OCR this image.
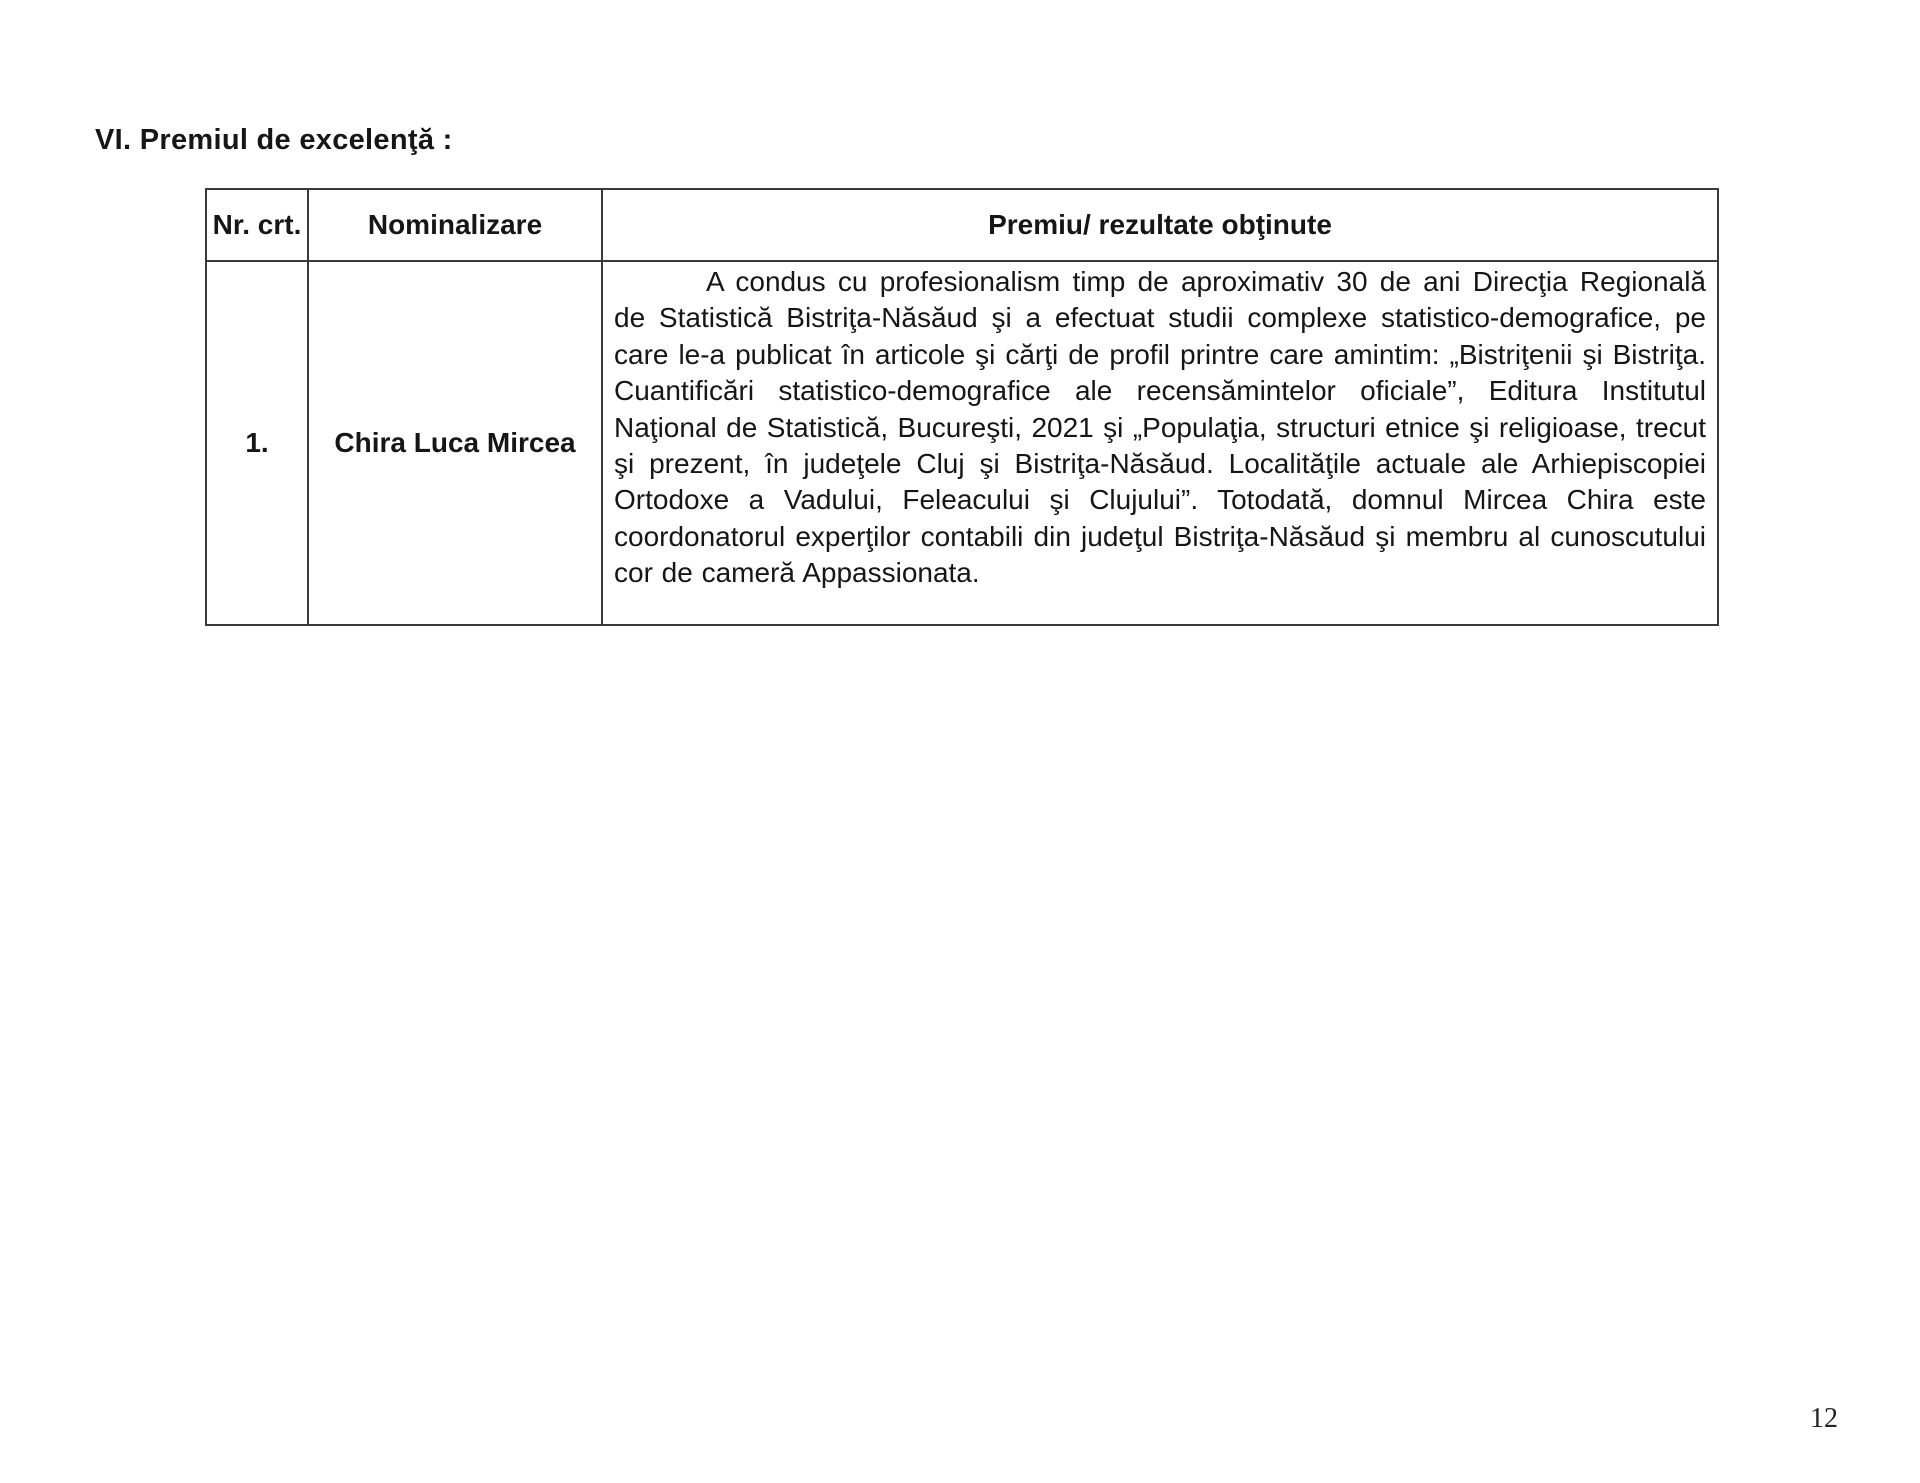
VI. Premiul de excelenţă :
Nr. crt.	Nominalizare	Premiu/ rezultate obţinute
1.	Chira Luca Mircea	A condus cu profesionalism timp de aproximativ 30 de ani Direcţia Regională de Statistică Bistriţa-Năsăud şi a efectuat studii complexe statistico-demografice, pe care le-a publicat în articole şi cărţi de profil printre care amintim: „Bistriţenii şi Bistriţa. Cuantificări statistico-demografice ale recensămintelor oficiale”, Editura Institutul Naţional de Statistică, Bucureşti, 2021 şi „Populaţia, structuri etnice şi religioase, trecut şi prezent, în judeţele Cluj şi Bistriţa-Năsăud. Localităţile actuale ale Arhiepiscopiei Ortodoxe a Vadului, Feleacului şi Clujului”. Totodată, domnul Mircea Chira este coordonatorul experţilor contabili din judeţul Bistriţa-Năsăud şi membru al cunoscutului cor de cameră Appassionata.

12
